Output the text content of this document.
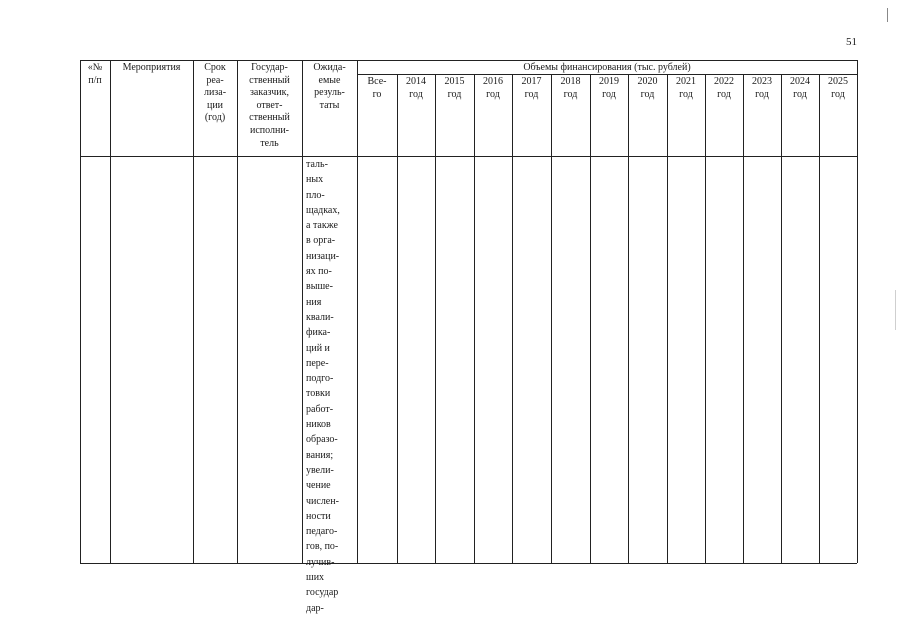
51
«№
п/п
Мероприятия	Срок
реа-
лиза-
ции
(год)
Государ-
ственный
заказчик,
ответ-
ственный
исполни-
тель
Ожида-
емые
резуль-
таты
Объемы финансирования (тыс. рублей)
Все-
го
2014
год
2015
год
2016
год
2017
год
2018
год
2019
год
2020
год
2021
год
2022
год
2023
год
2024
год
2025
год
таль-
ных
пло-
щадках,
а также
в орга-
низаци-
ях по-
выше-
ния
квали-
фика-
ций и
пере-
подго-
товки
работ-
ников
образо-
вания;
увели-
чение
числен-
ности
педаго-
гов, по-
лучив-
ших
государ
дар-
